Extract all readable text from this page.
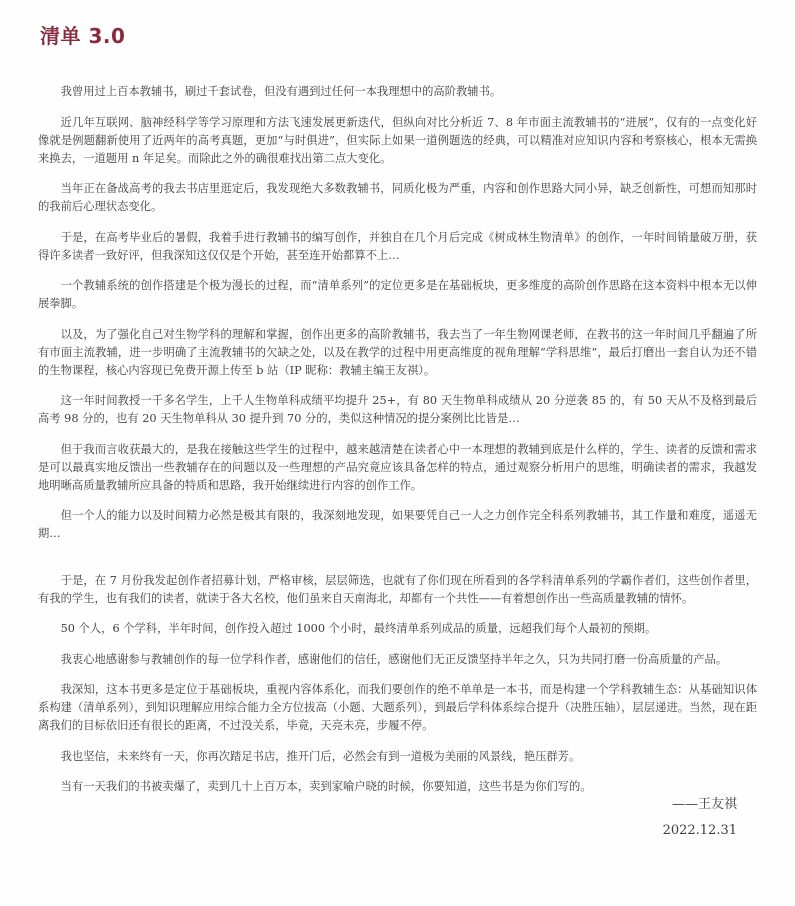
清单 3.0

我曾用过上百本教辅书，刷过千套试卷，但没有遇到过任何一本我理想中的高阶教辅书。

近几年互联网、脑神经科学等学习原理和方法飞速发展更新迭代，但纵向对比分析近 7、8 年市面主流教辅书的“进展”，仅有的一点变化好像就是例题翻新使用了近两年的高考真题，更加“与时俱进”，但实际上如果一道例题选的经典，可以精准对应知识内容和考察核心，根本无需换来换去，一道题用 n 年足矣。而除此之外的确很难找出第二点大变化。

当年正在备战高考的我去书店里逛定后，我发现绝大多数教辅书，同质化极为严重，内容和创作思路大同小异，缺乏创新性，可想而知那时的我前后心理状态变化。

于是，在高考毕业后的暑假，我着手进行教辅书的编写创作，并独自在几个月后完成《树成林生物清单》的创作，一年时间销量破万册，获得许多读者一致好评，但我深知这仅仅是个开始，甚至连开始都算不上…

一个教辅系统的创作搭建是个极为漫长的过程，而“清单系列”的定位更多是在基础板块，更多维度的高阶创作思路在这本资料中根本无以伸展拳脚。

以及，为了强化自己对生物学科的理解和掌握，创作出更多的高阶教辅书，我去当了一年生物网课老师，在教书的这一年时间几乎翻遍了所有市面主流教辅，进一步明确了主流教辅书的欠缺之处，以及在教学的过程中用更高维度的视角理解“学科思维”，最后打磨出一套自认为还不错的生物课程，核心内容现已免费开源上传至 b 站（IP 昵称：教辅主编王友祺）。

这一年时间教授一千多名学生，上千人生物单科成绩平均提升 25+，有 80 天生物单科成绩从 20 分逆袭 85 的，有 50 天从不及格到最后高考 98 分的，也有 20 天生物单科从 30 提升到 70 分的，类似这种情况的提分案例比比皆是…

但于我而言收获最大的，是我在接触这些学生的过程中，越来越清楚在读者心中一本理想的教辅到底是什么样的，学生、读者的反馈和需求是可以最真实地反馈出一些教辅存在的问题以及一些理想的产品究竟应该具备怎样的特点，通过观察分析用户的思维，明确读者的需求，我越发地明晰高质量教辅所应具备的特质和思路，我开始继续进行内容的创作工作。

但一个人的能力以及时间精力必然是极其有限的，我深刻地发现，如果要凭自己一人之力创作完全科系列教辅书，其工作量和难度，遥遥无期…

于是，在 7 月份我发起创作者招募计划，严格审核，层层筛选，也就有了你们现在所看到的各学科清单系列的学霸作者们，这些创作者里，有我的学生，也有我们的读者，就读于各大名校，他们虽来自天南海北，却都有一个共性——有着想创作出一些高质量教辅的情怀。

50 个人，6 个学科，半年时间，创作投入超过 1000 个小时，最终清单系列成品的质量，远超我们每个人最初的预期。

我衷心地感谢参与教辅创作的每一位学科作者，感谢他们的信任，感谢他们无正反馈坚持半年之久，只为共同打磨一份高质量的产品。

我深知，这本书更多是定位于基础板块，重视内容体系化，而我们要创作的绝不单单是一本书，而是构建一个学科教辅生态：从基础知识体系构建（清单系列），到知识理解应用综合能力全方位拔高（小题、大题系列），到最后学科体系综合提升（决胜压轴），层层递进。当然，现在距离我们的目标依旧还有很长的距离，不过没关系，毕竟，天亮未亮，步履不停。

我也坚信，未来终有一天，你再次踏足书店，推开门后，必然会有到一道极为美丽的风景线，艳压群芳。

当有一天我们的书被卖爆了，卖到几十上百万本，卖到家喻户晓的时候，你要知道，这些书是为你们写的。

——王友祺
2022.12.31
